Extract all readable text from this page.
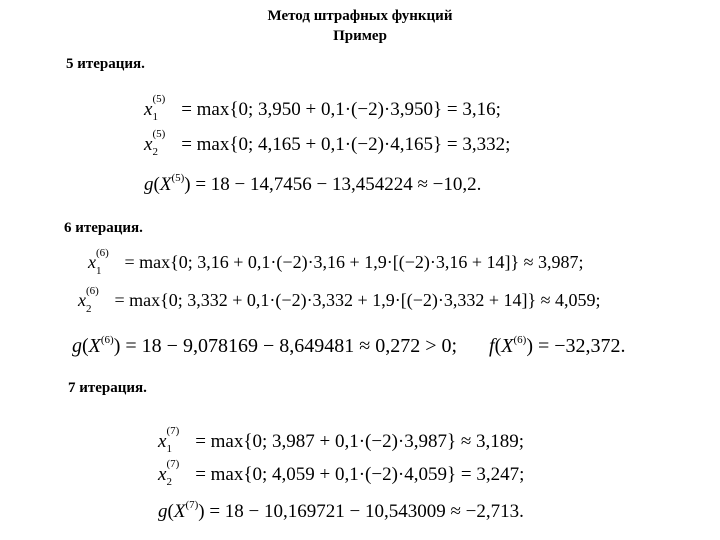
Метод штрафных функций
Пример
5 итерация.
x (5)
1 = max{0; 3,950 + 0,1·(−2)·3,950} = 3,16;
x (5)
2 = max{0; 4,165 + 0,1·(−2)·4,165} = 3,332;
$g(X^{(5)}) = 18 - 14,7456 - 13,454224 \approx -10,2$.
6 итерация.
x (6)
1 = max{0; 3,16 + 0,1·(−2)·3,16 + 1,9·[(−2)·3,16 + 14]} ≈ 3,987;
x (6)
2 = max{0; 3,332 + 0,1·(−2)·3,332 + 1,9·[(−2)·3,332 + 14]} ≈ 4,059;
$g(X^{(6)}) = 18 - 9,078169 - 8,649481 \approx 0,272 > 0$; $f(X^{(6)}) = -32,372$.
7 итерация.
x (7)
1 = max{0; 3,987 + 0,1·(−2)·3,987} ≈ 3,189;
x (7)
2 = max{0; 4,059 + 0,1·(−2)·4,059} = 3,247;
$g(X^{(7)}) = 18 - 10,169721 - 10,543009 \approx -2,713$.
